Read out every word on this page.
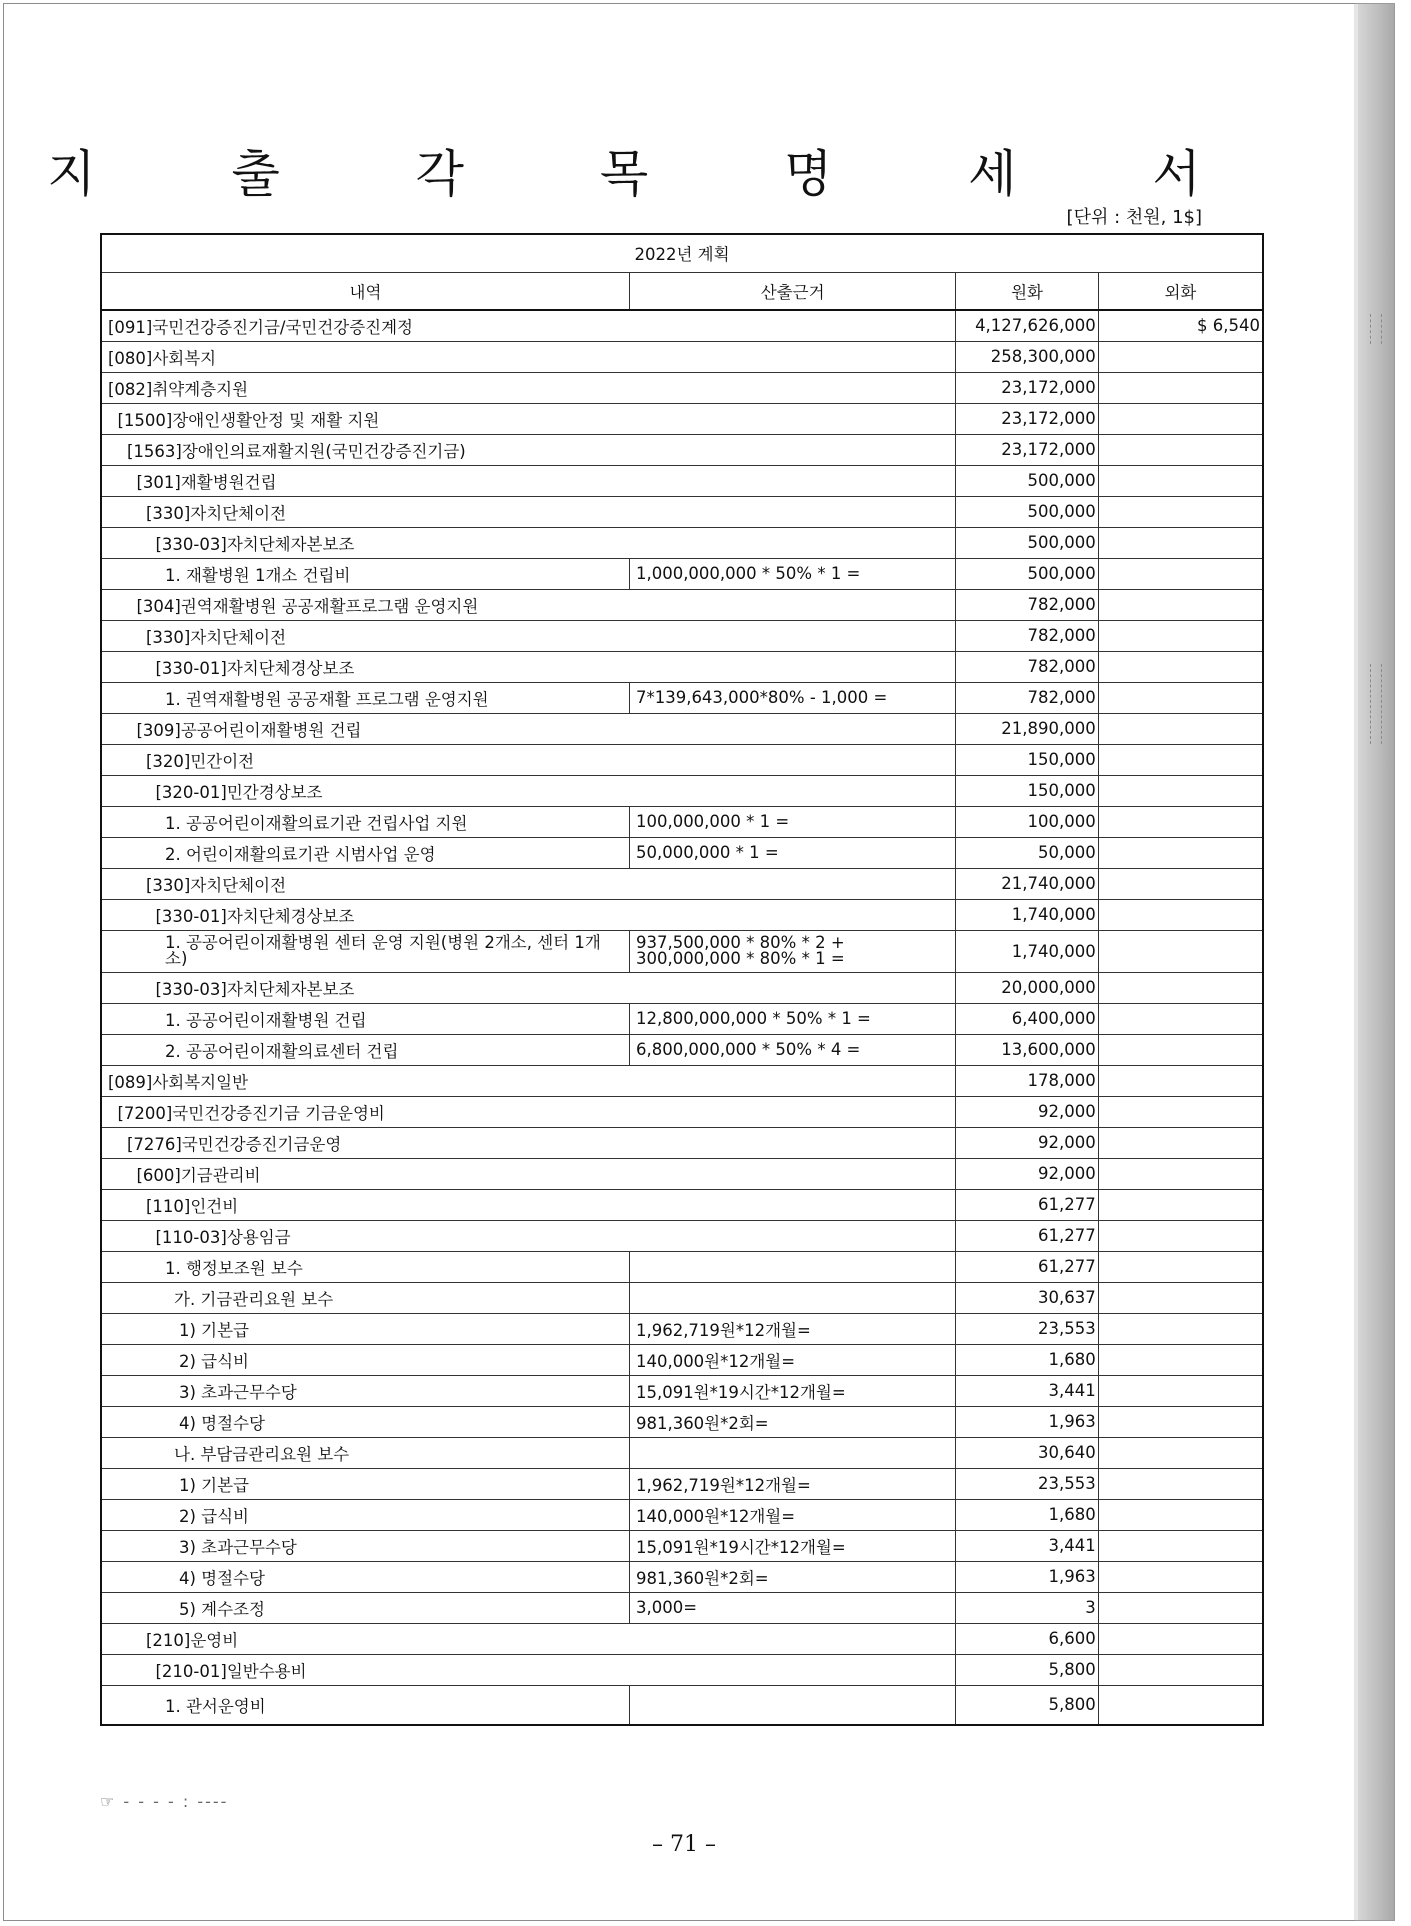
지 출 각 목 명 세 서
[단위 : 천원, 1$]
2022년 계획			
내역	산출근거	원화	외화
[091]국민건강증진기금/국민건강증진계정		4,127,626,000	$ 6,540
[080]사회복지		258,300,000	
[082]취약계층지원		23,172,000	
[1500]장애인생활안정 및 재활 지원		23,172,000	
[1563]장애인의료재활지원(국민건강증진기금)		23,172,000	
[301]재활병원건립		500,000	
[330]자치단체이전		500,000	
[330-03]자치단체자본보조		500,000	
1. 재활병원 1개소 건립비	1,000,000,000 * 50% * 1 =	500,000	
[304]권역재활병원 공공재활프로그램 운영지원		782,000	
[330]자치단체이전		782,000	
[330-01]자치단체경상보조		782,000	
1. 권역재활병원 공공재활 프로그램 운영지원	7*139,643,000*80% - 1,000 =	782,000	
[309]공공어린이재활병원 건립		21,890,000	
[320]민간이전		150,000	
[320-01]민간경상보조		150,000	
1. 공공어린이재활의료기관 건립사업 지원	100,000,000 * 1 =	100,000	
2. 어린이재활의료기관 시범사업 운영	50,000,000 * 1 =	50,000	
[330]자치단체이전		21,740,000	
[330-01]자치단체경상보조		1,740,000	
1. 공공어린이재활병원 센터 운영 지원(병원 2개소, 센터 1개소)	937,500,000 * 80% * 2 + 300,000,000 * 80% * 1 =	1,740,000	
[330-03]자치단체자본보조		20,000,000	
1. 공공어린이재활병원 건립	12,800,000,000 * 50% * 1 =	6,400,000	
2. 공공어린이재활의료센터 건립	6,800,000,000 * 50% * 4 =	13,600,000	
[089]사회복지일반		178,000	
[7200]국민건강증진기금 기금운영비		92,000	
[7276]국민건강증진기금운영		92,000	
[600]기금관리비		92,000	
[110]인건비		61,277	
[110-03]상용임금		61,277	
1. 행정보조원 보수		61,277	
가. 기금관리요원 보수		30,637	
1) 기본급	1,962,719원*12개월=	23,553	
2) 급식비	140,000원*12개월=	1,680	
3) 초과근무수당	15,091원*19시간*12개월=	3,441	
4) 명절수당	981,360원*2회=	1,963	
나. 부담금관리요원 보수		30,640	
1) 기본급	1,962,719원*12개월=	23,553	
2) 급식비	140,000원*12개월=	1,680	
3) 초과근무수당	15,091원*19시간*12개월=	3,441	
4) 명절수당	981,360원*2회=	1,963	
5) 계수조정	3,000=	3	
[210]운영비		6,600	
[210-01]일반수용비		5,800	
1. 관서운영비		5,800	
☞ - - - - : ----
– 71 –
